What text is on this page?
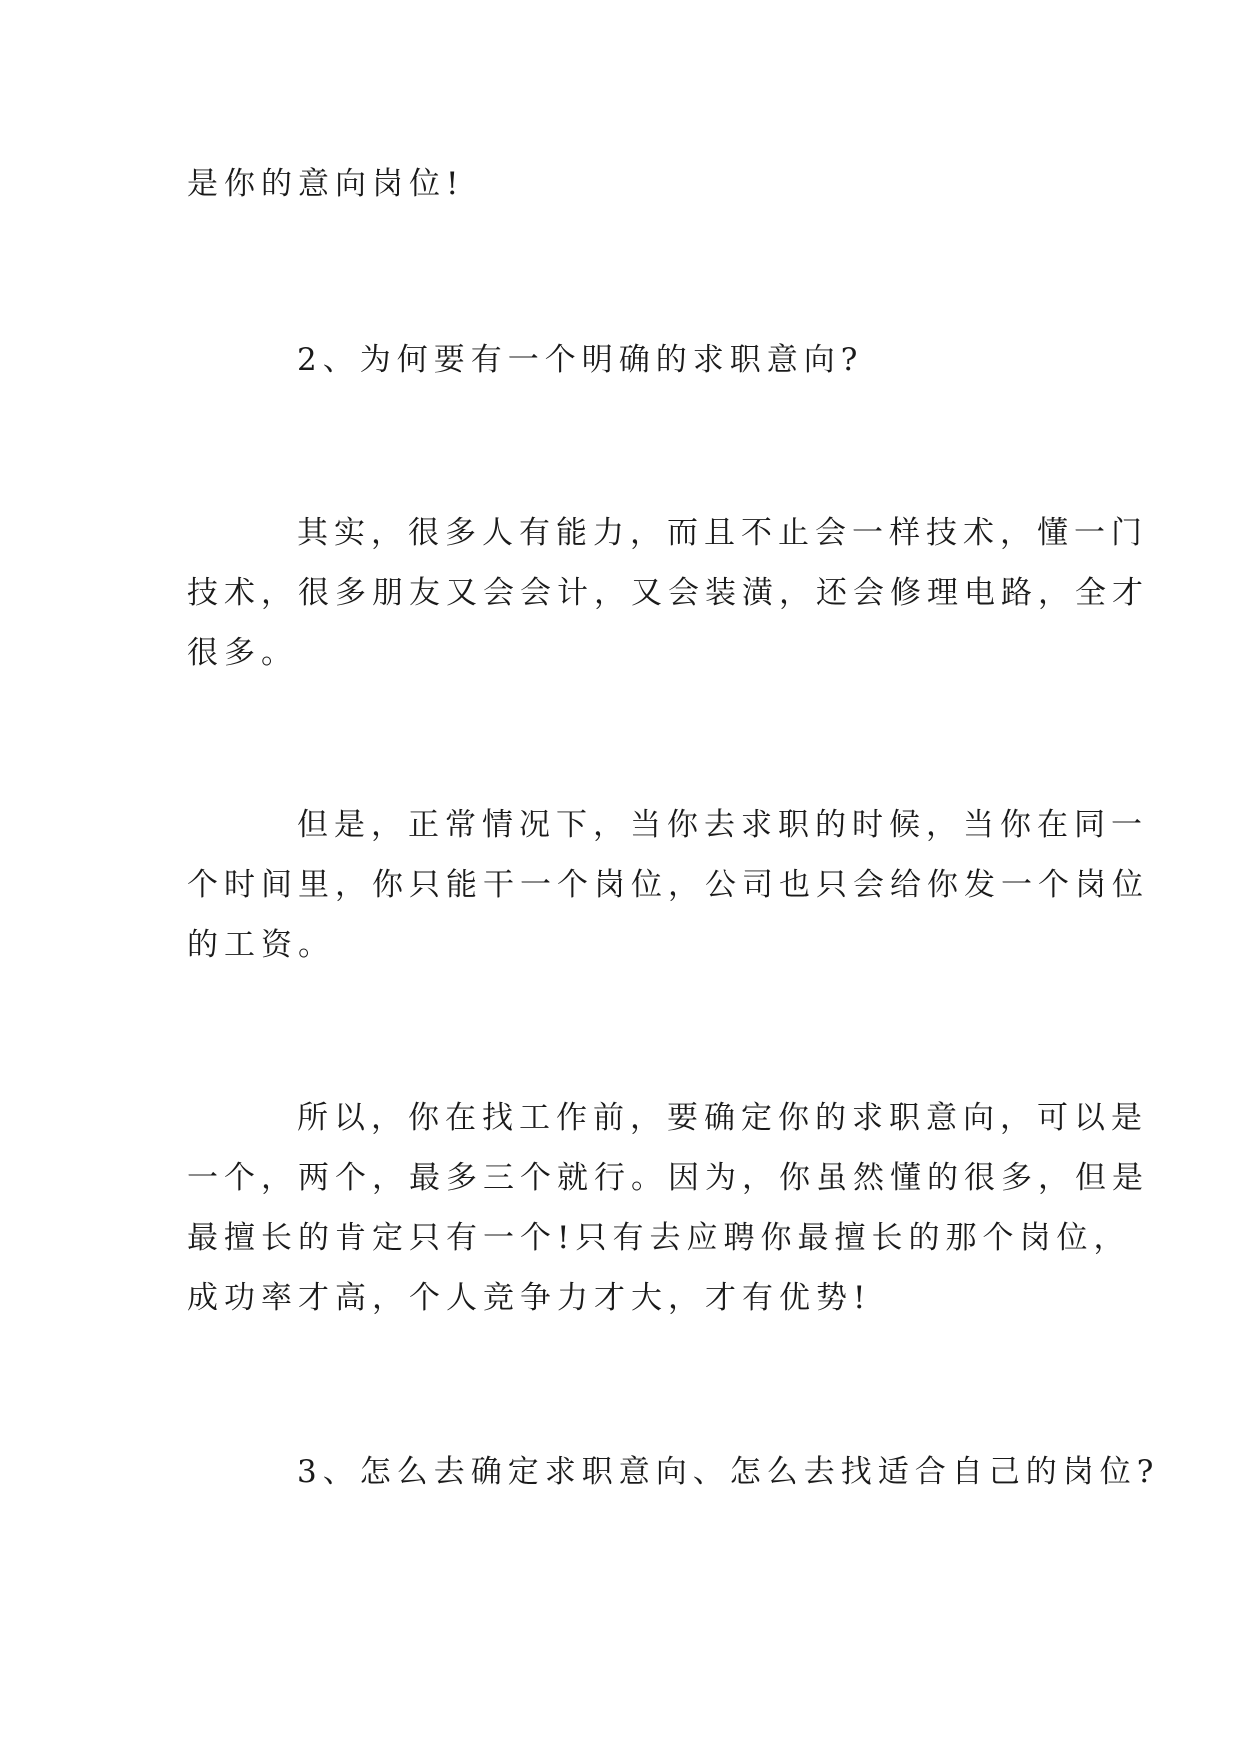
是你的意向岗位!
2、为何要有一个明确的求职意向?
其实，很多人有能力，而且不止会一样技术，懂一门
技术，很多朋友又会会计，又会装潢，还会修理电路，全才
很多。
但是，正常情况下，当你去求职的时候，当你在同一
个时间里，你只能干一个岗位，公司也只会给你发一个岗位
的工资。
所以，你在找工作前，要确定你的求职意向，可以是
一个，两个，最多三个就行。因为，你虽然懂的很多，但是
最擅长的肯定只有一个!只有去应聘你最擅长的那个岗位，
成功率才高，个人竞争力才大，才有优势!
3、怎么去确定求职意向、怎么去找适合自己的岗位?
